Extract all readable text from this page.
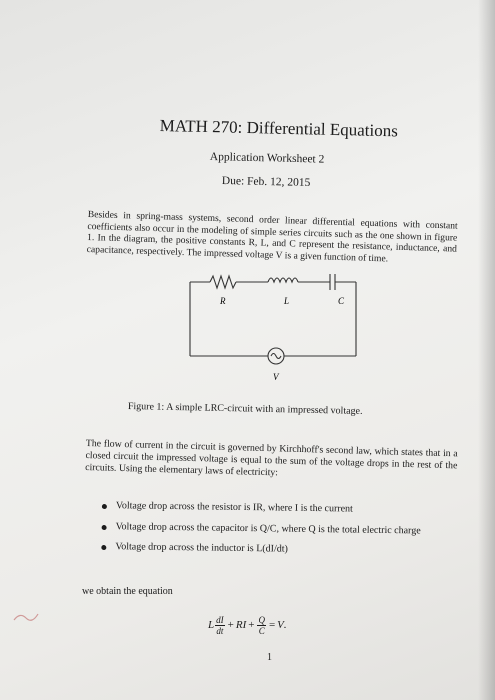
MATH 270: Differential Equations
Application Worksheet 2
Due: Feb. 12, 2015
Besides in spring-mass systems, second order linear differential equations with constant coefficients also occur in the modeling of simple series circuits such as the one shown in figure 1. In the diagram, the positive constants R, L, and C represent the resistance, inductance, and capacitance, respectively. The impressed voltage V is a given function of time.
R	L	C
V
Figure 1: A simple LRC-circuit with an impressed voltage.
The flow of current in the circuit is governed by Kirchhoff's second law, which states that in a closed circuit the impressed voltage is equal to the sum of the voltage drops in the rest of the circuits. Using the elementary laws of electricity:
Voltage drop across the resistor is IR, where I is the current
Voltage drop across the capacitor is Q/C, where Q is the total electric charge
Voltage drop across the inductor is L(dI/dt)
we obtain the equation
L $\frac{dI}{dt}$ + RI + $\frac{Q}{C} = V$ .
1
